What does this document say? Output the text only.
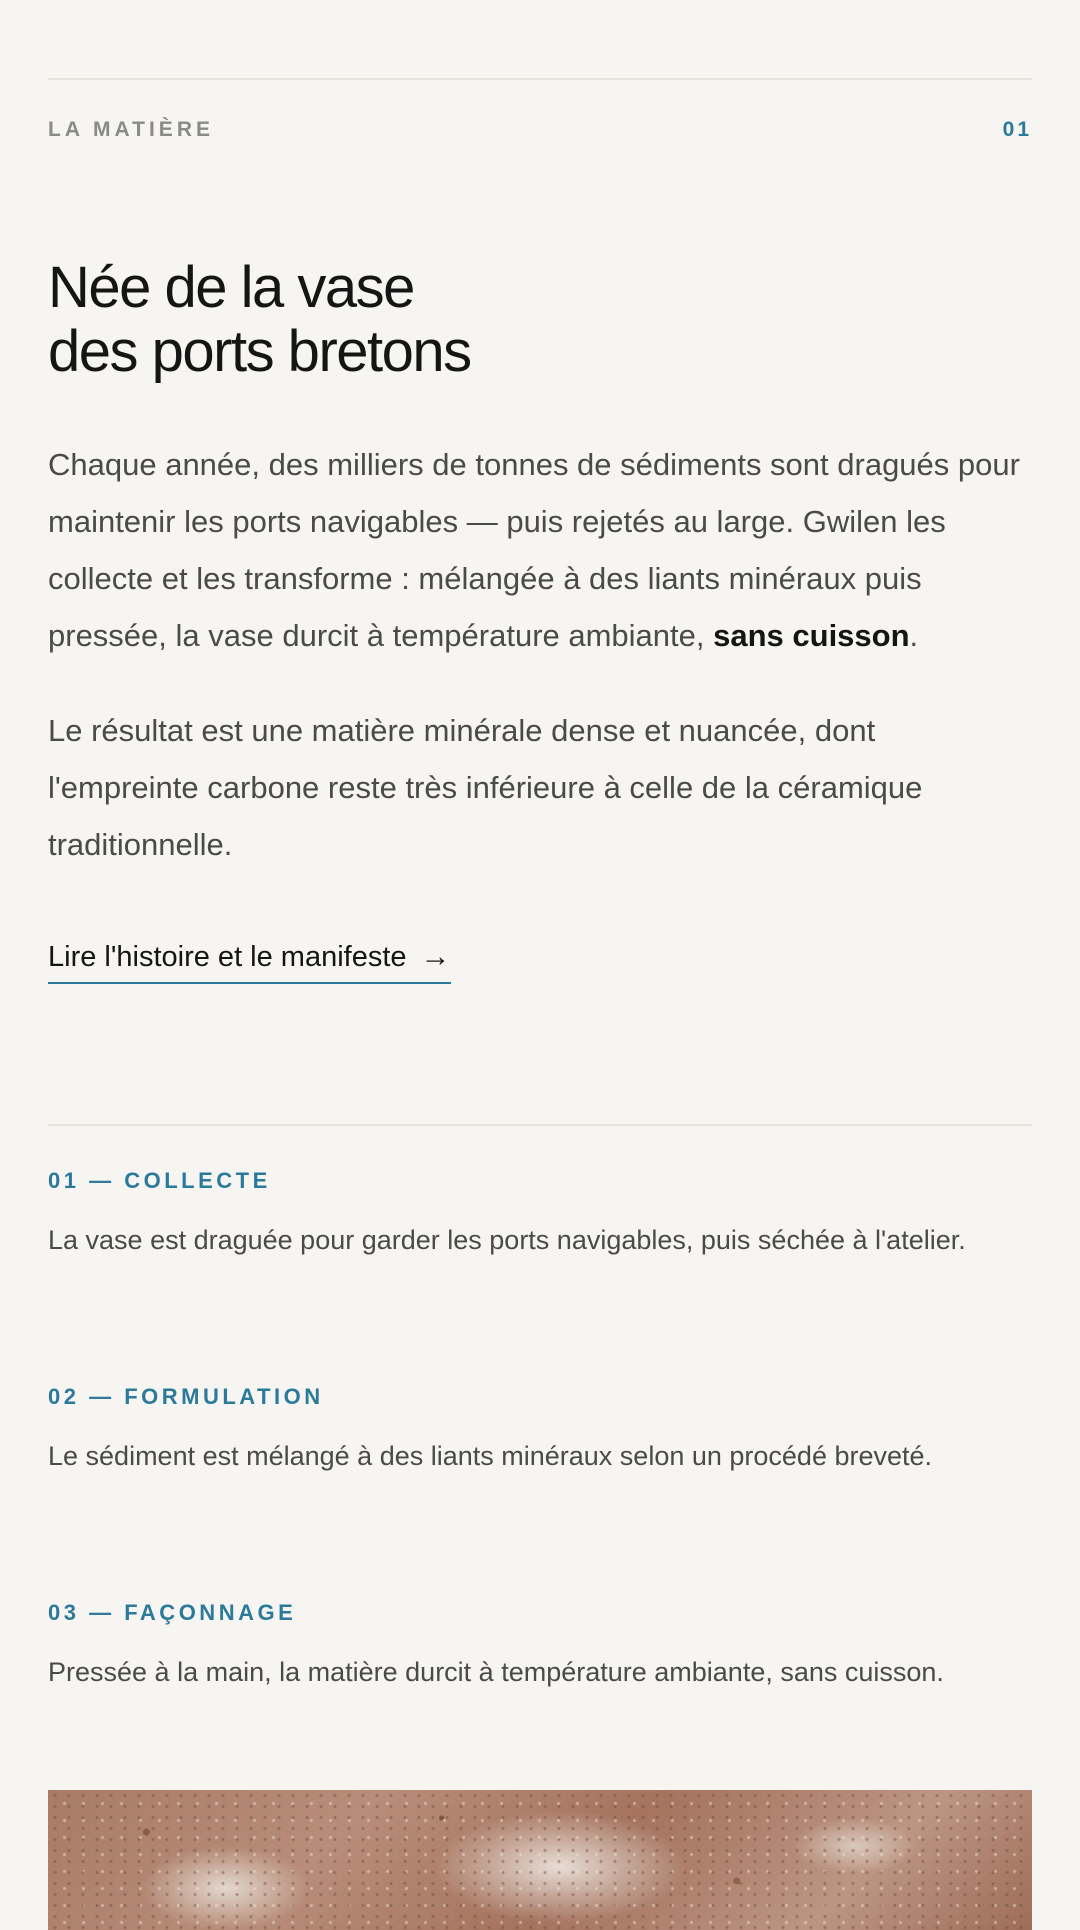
LA MATIÈRE	01
Née de la vase
des ports bretons

Chaque année, des milliers de tonnes de sédiments sont dragués pour maintenir les ports navigables — puis rejetés au large. Gwilen les collecte et les transforme : mélangée à des liants minéraux puis pressée, la vase durcit à température ambiante, sans cuisson.

Le résultat est une matière minérale dense et nuancée, dont l'empreinte carbone reste très inférieure à celle de la céramique traditionnelle.

Lire l'histoire et le manifeste →

01 — COLLECTE

La vase est draguée pour garder les ports navigables, puis séchée à l'atelier.

02 — FORMULATION

Le sédiment est mélangé à des liants minéraux selon un procédé breveté.

03 — FAÇONNAGE

Pressée à la main, la matière durcit à température ambiante, sans cuisson.
